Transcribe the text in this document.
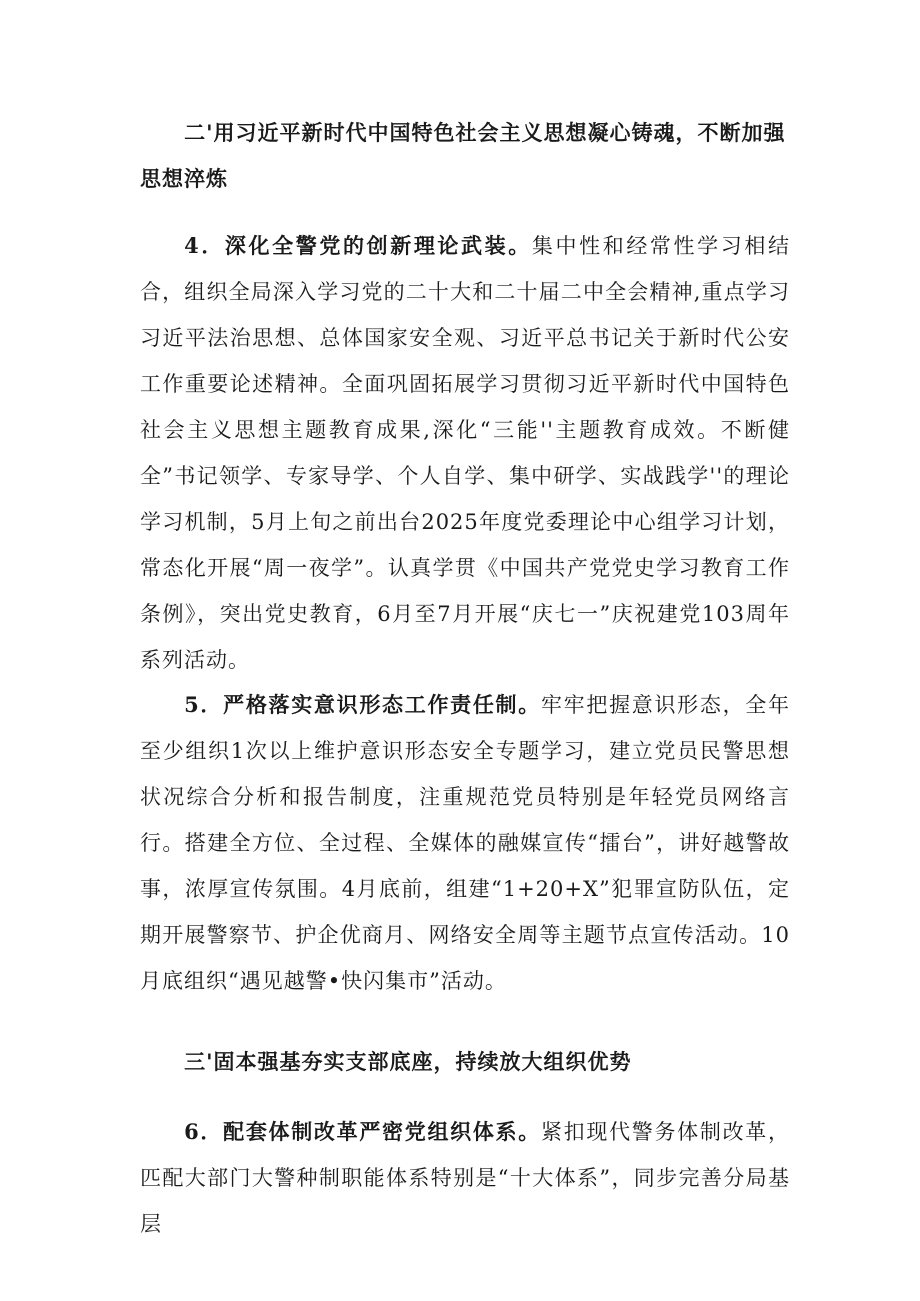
二'用习近平新时代中国特色社会主义思想凝心铸魂，不断加强思想淬炼
4．深化全警党的创新理论武装。集中性和经常性学习相结合，组织全局深入学习党的二十大和二十届二中全会精神,重点学习习近平法治思想、总体国家安全观、习近平总书记关于新时代公安工作重要论述精神。全面巩固拓展学习贯彻习近平新时代中国特色社会主义思想主题教育成果,深化“三能''主题教育成效。不断健全”书记领学、专家导学、个人自学、集中研学、实战践学''的理论学习机制，5月上旬之前出台2025年度党委理论中心组学习计划，常态化开展“周一夜学”。认真学贯《中国共产党党史学习教育工作条例》，突出党史教育，6月至7月开展“庆七一”庆祝建党103周年系列活动。
5．严格落实意识形态工作责任制。牢牢把握意识形态，全年至少组织1次以上维护意识形态安全专题学习，建立党员民警思想状况综合分析和报告制度，注重规范党员特别是年轻党员网络言行。搭建全方位、全过程、全媒体的融媒宣传“擂台”，讲好越警故事，浓厚宣传氛围。4月底前，组建“1+20+X”犯罪宣防队伍，定期开展警察节、护企优商月、网络安全周等主题节点宣传活动。10月底组织“遇见越警•快闪集市”活动。
三'固本强基夯实支部底座，持续放大组织优势
6．配套体制改革严密党组织体系。紧扣现代警务体制改革，匹配大部门大警种制职能体系特别是“十大体系”，同步完善分局基层
